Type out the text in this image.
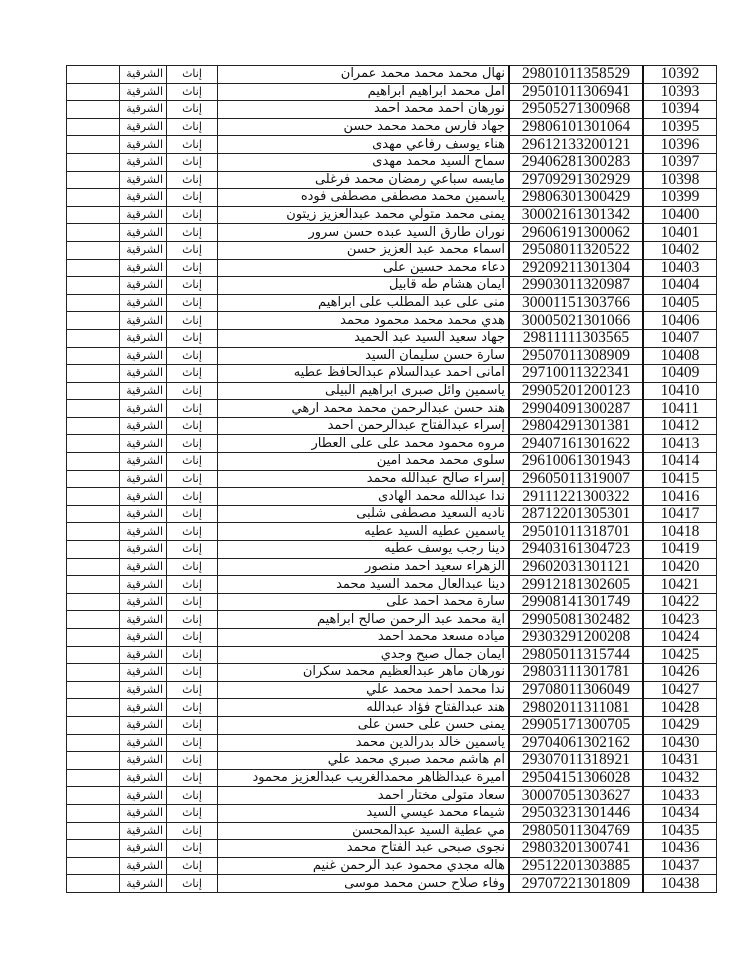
10392	29801011358529	نهال محمد محمد محمد عمران	إناث	الشرقية	
10393	29501011306941	امل محمد ابراهيم ابراهيم	إناث	الشرقية	
10394	29505271300968	نورهان احمد محمد احمد	إناث	الشرقية	
10395	29806101301064	جهاد فارس محمد محمد حسن	إناث	الشرقية	
10396	29612133200121	هناء يوسف رفاعي مهدى	إناث	الشرقية	
10397	29406281300283	سماح السيد محمد مهدى	إناث	الشرقية	
10398	29709291302929	مايسه سباعي رمضان محمد فرغلى	إناث	الشرقية	
10399	29806301300429	ياسمين محمد مصطفى مصطفى فوده	إناث	الشرقية	
10400	30002161301342	يمنى محمد متولي محمد عبدالعزيز زيتون	إناث	الشرقية	
10401	29606191300062	نوران طارق السيد عبده حسن سرور	إناث	الشرقية	
10402	29508011320522	اسماء محمد عبد العزيز حسن	إناث	الشرقية	
10403	29209211301304	دعاء محمد حسين على	إناث	الشرقية	
10404	29903011320987	ايمان هشام طه قابيل	إناث	الشرقية	
10405	30001151303766	منى على عبد المطلب على ابراهيم	إناث	الشرقية	
10406	30005021301066	هدي محمد محمد محمود محمد	إناث	الشرقية	
10407	29811111303565	جهاد سعيد السيد عبد الحميد	إناث	الشرقية	
10408	29507011308909	سارة حسن سليمان السيد	إناث	الشرقية	
10409	29710011322341	امانى احمد عبدالسلام عبدالحافظ عطيه	إناث	الشرقية	
10410	29905201200123	ياسمين وائل صبرى ابراهيم البيلى	إناث	الشرقية	
10411	29904091300287	هند حسن عبدالرحمن محمد محمد ارهي	إناث	الشرقية	
10412	29804291301381	إسراء عبدالفتاح عبدالرحمن احمد	إناث	الشرقية	
10413	29407161301622	مروه محمود محمد على على العطار	إناث	الشرقية	
10414	29610061301943	سلوى محمد محمد امين	إناث	الشرقية	
10415	29605011319007	إسراء صالح عبدالله محمد	إناث	الشرقية	
10416	29111221300322	ندا عبدالله محمد الهادى	إناث	الشرقية	
10417	28712201305301	ناديه السعيد مصطفى شلبى	إناث	الشرقية	
10418	29501011318701	ياسمين عطيه السيد عطيه	إناث	الشرقية	
10419	29403161304723	دينا رجب يوسف عطيه	إناث	الشرقية	
10420	29602031301121	الزهراء سعيد احمد منصور	إناث	الشرقية	
10421	29912181302605	دينا عبدالعال محمد السيد محمد	إناث	الشرقية	
10422	29908141301749	سارة محمد احمد على	إناث	الشرقية	
10423	29905081302482	اية محمد عبد الرحمن صالح ابراهيم	إناث	الشرقية	
10424	29303291200208	مياده مسعد محمد احمد	إناث	الشرقية	
10425	29805011315744	ايمان جمال صبح وجدي	إناث	الشرقية	
10426	29803111301781	نورهان ماهر عبدالعظيم محمد سكران	إناث	الشرقية	
10427	29708011306049	ندا محمد احمد محمد علي	إناث	الشرقية	
10428	29802011311081	هند عبدالفتاح فؤاد عبدالله	إناث	الشرقية	
10429	29905171300705	يمنى حسن على حسن على	إناث	الشرقية	
10430	29704061302162	ياسمين خالد بدرالدين محمد	إناث	الشرقية	
10431	29307011318921	ام هاشم محمد صبري محمد علي	إناث	الشرقية	
10432	29504151306028	اميرة عبدالظاهر محمدالغريب عبدالعزيز محمود	إناث	الشرقية	
10433	30007051303627	سعاد متولى مختار احمد	إناث	الشرقية	
10434	29503231301446	شيماء محمد عيسي السيد	إناث	الشرقية	
10435	29805011304769	مي عطية السيد عبدالمحسن	إناث	الشرقية	
10436	29803201300741	نجوى صبحى عبد الفتاح محمد	إناث	الشرقية	
10437	29512201303885	هاله مجدي محمود عبد الرحمن غنيم	إناث	الشرقية	
10438	29707221301809	وفاء صلاح حسن محمد موسى	إناث	الشرقية	
